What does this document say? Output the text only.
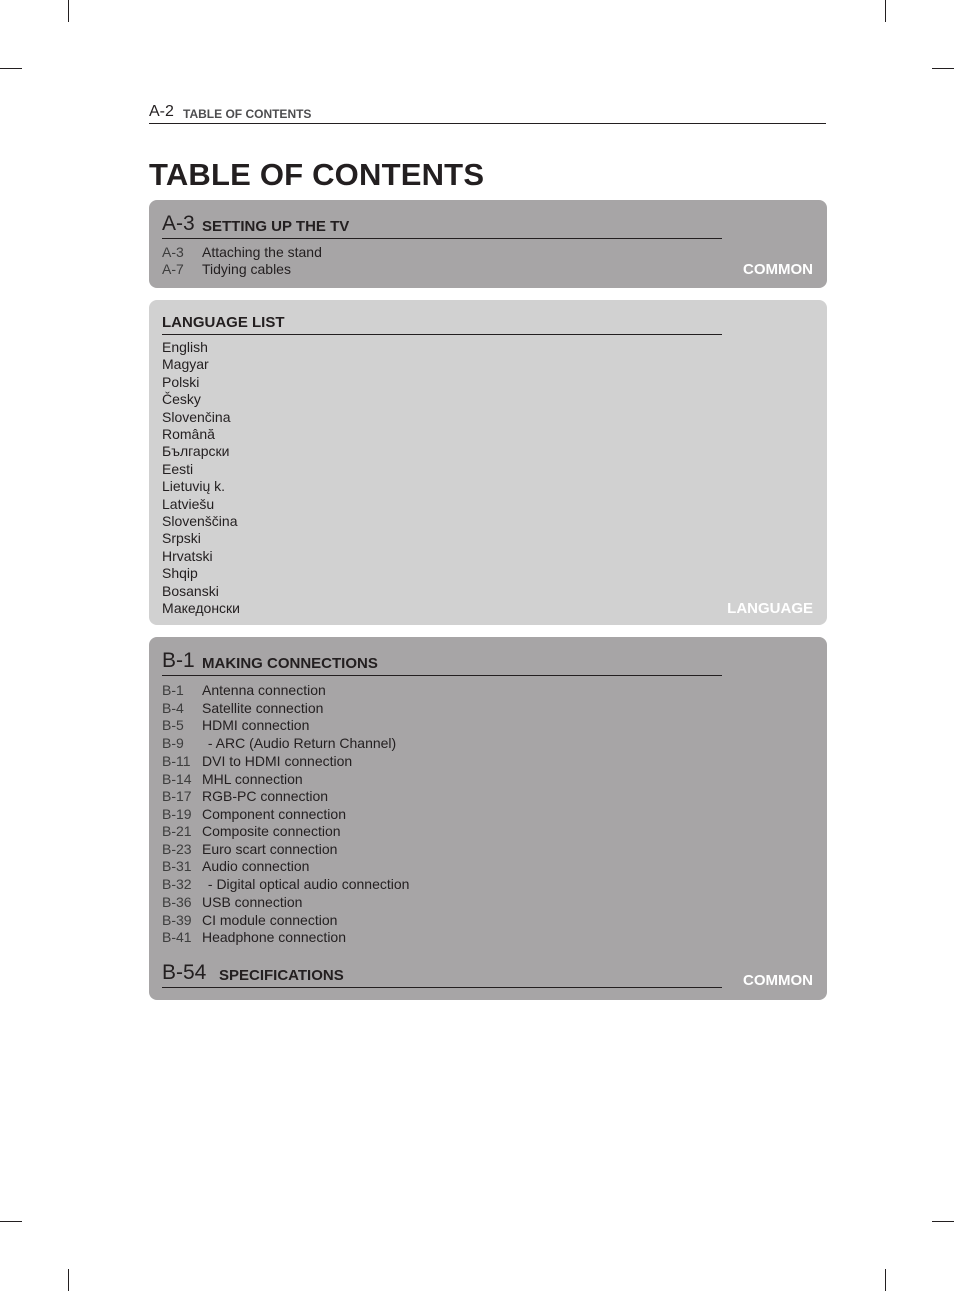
A-2 TABLE OF CONTENTS
TABLE OF CONTENTS
A-3 SETTING UP THE TV
A-3 Attaching the stand
A-7 Tidying cables	COMMON
LANGUAGE LIST
English
Magyar
Polski
Česky
Slovenčina
Română
Български
Eesti
Lietuvių k.
Latviešu
Slovenščina
Srpski
Hrvatski
Shqip
Bosanski
Македонски	LANGUAGE
B-1 MAKING CONNECTIONS
B-1 Antenna connection
B-4 Satellite connection
B-5 HDMI connection
B-9 - ARC (Audio Return Channel)
B-11 DVI to HDMI connection
B-14 MHL connection
B-17 RGB-PC connection
B-19 Component connection
B-21 Composite connection
B-23 Euro scart connection
B-31 Audio connection
B-32 - Digital optical audio connection
B-36 USB connection
B-39 CI module connection
B-41 Headphone connection
B-54 SPECIFICATIONS	COMMON
